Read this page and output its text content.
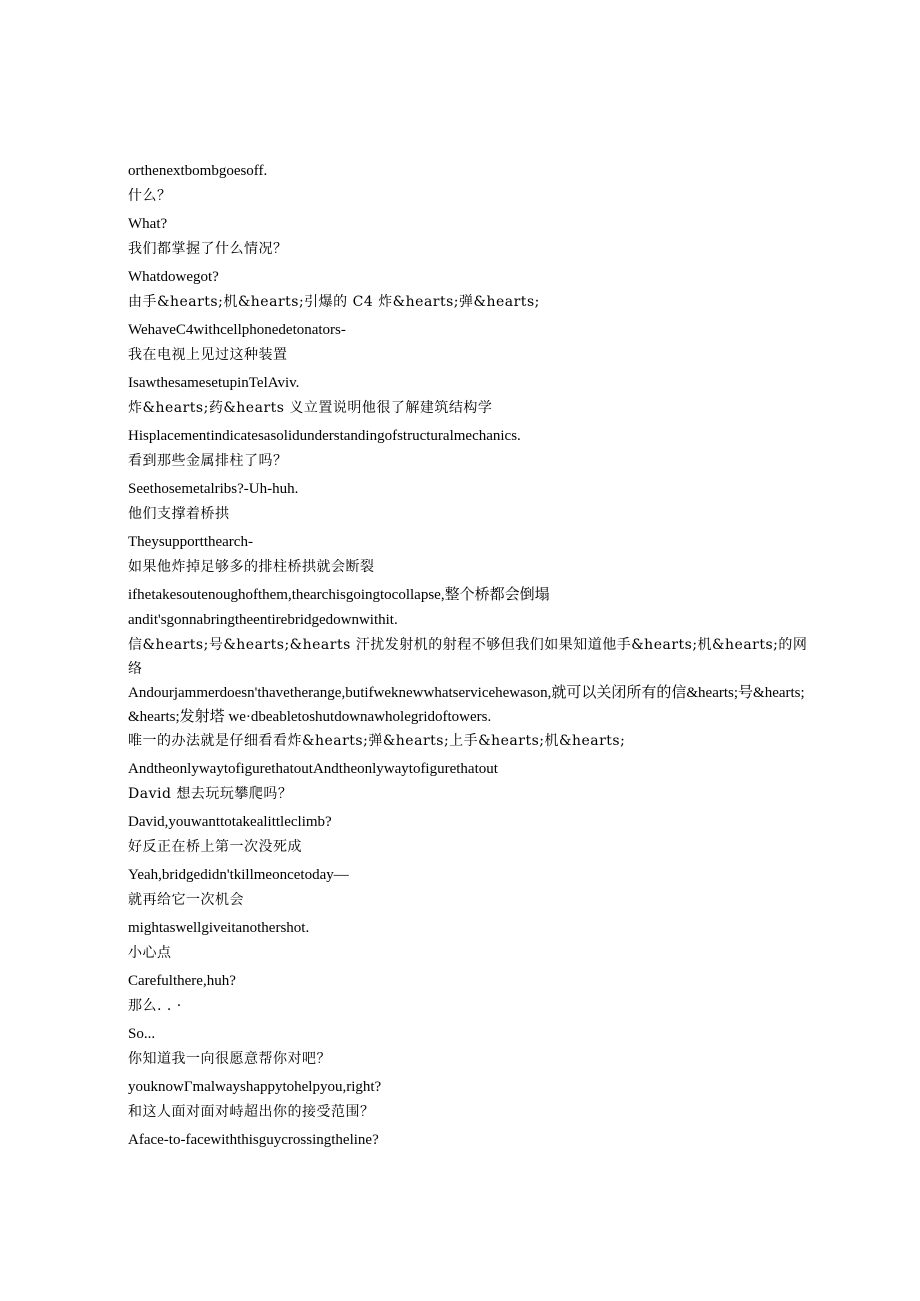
orthenextbombgoesoff.

什么？

What?

我们都掌握了什么情况？

Whatdowegot?

由手&hearts;机&hearts;引爆的 C4 炸&hearts;弹&hearts;

WehaveC4withcellphonedetonators-

我在电视上见过这种装置

IsawthesamesetupinTelAviv.

炸&hearts;药&hearts 义立置说明他很了解建筑结构学

Hisplacementindicatesasolidunderstandingofstructuralmechanics.

看到那些金属排柱了吗？

Seethosemetalribs?-Uh-huh.

他们支撑着桥拱

Theysupportthearch-

如果他炸掉足够多的排柱桥拱就会断裂

ifhetakesoutenoughofthem,thearchisgoingtocollapse,整个桥都会倒塌

andit'sgonnabringtheentirebridgedownwithit.

信&hearts;号&hearts;&hearts 汗扰发射机的射程不够但我们如果知道他手&hearts;机&hearts;的网络

Andourjammerdoesn'thavetherange,butifweknewwhatservicehewason,就可以关闭所有的信&hearts;号&hearts;&hearts;发射塔 we·dbeabletoshutdownawholegridoftowers.

唯一的办法就是仔细看看炸&hearts;弹&hearts;上手&hearts;机&hearts;

AndtheonlywaytofigurethatoutAndtheonlywaytofigurethatout

David 想去玩玩攀爬吗？

David,youwanttotakealittleclimb?

好反正在桥上第一次没死成

Yeah,bridgedidn'tkillmeoncetoday—

就再给它一次机会

mightaswellgiveitanothershot.

小心点

Carefulthere,huh?

那么. . ·

So...

你知道我一向很愿意帮你对吧？

youknowΓmalwayshappytohelpyou,right?

和这人面对面对峙超出你的接受范围？

Aface-to-facewiththisguycrossingtheline?
